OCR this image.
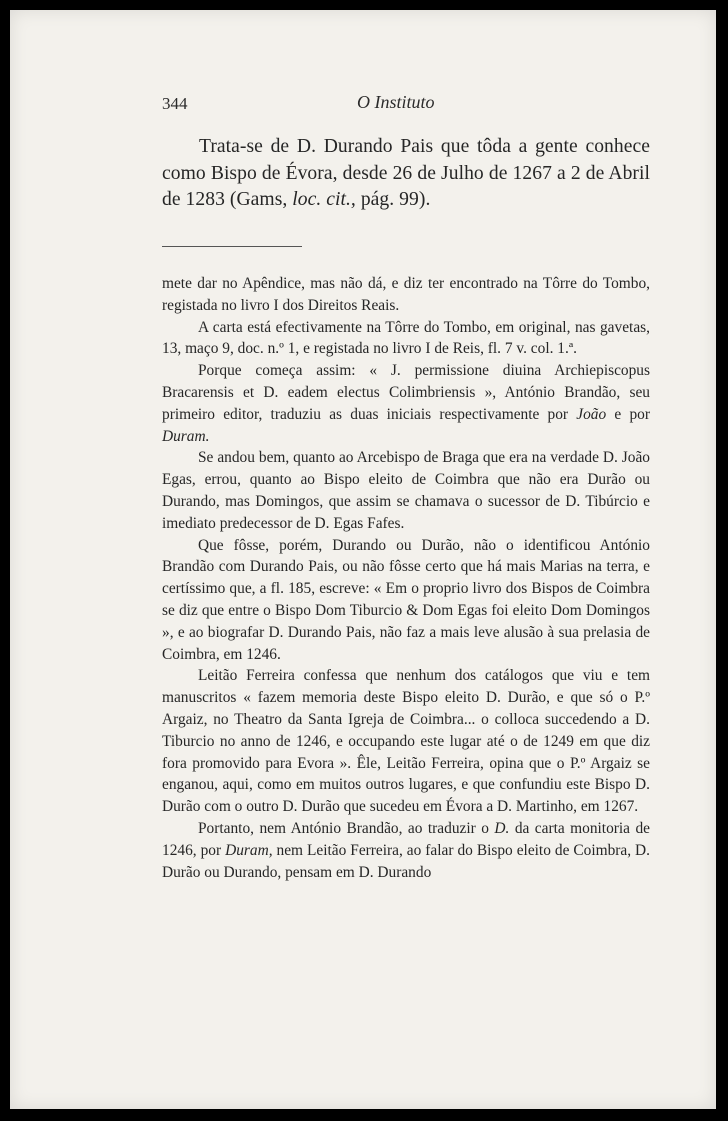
344	O Instituto

Trata-se de D. Durando Pais que tôda a gente conhece como Bispo de Évora, desde 26 de Julho de 1267 a 2 de Abril de 1283 (Gams, loc. cit., pág. 99).

mete dar no Apêndice, mas não dá, e diz ter encontrado na Tôrre do Tombo, registada no livro I dos Direitos Reais.

A carta está efectivamente na Tôrre do Tombo, em original, nas gavetas, 13, maço 9, doc. n.º 1, e registada no livro I de Reis, fl. 7 v. col. 1.ª.

Porque começa assim: « J. permissione diuina Archiepiscopus Bracarensis et D. eadem electus Colimbriensis », António Brandão, seu primeiro editor, traduziu as duas iniciais respectivamente por João e por Duram.

Se andou bem, quanto ao Arcebispo de Braga que era na verdade D. João Egas, errou, quanto ao Bispo eleito de Coimbra que não era Durão ou Durando, mas Domingos, que assim se chamava o sucessor de D. Tibúrcio e imediato predecessor de D. Egas Fafes.

Que fôsse, porém, Durando ou Durão, não o identificou António Brandão com Durando Pais, ou não fôsse certo que há mais Marias na terra, e certíssimo que, a fl. 185, escreve: « Em o proprio livro dos Bispos de Coimbra se diz que entre o Bispo Dom Tiburcio & Dom Egas foi eleito Dom Domingos », e ao biografar D. Durando Pais, não faz a mais leve alusão à sua prelasia de Coimbra, em 1246.

Leitão Ferreira confessa que nenhum dos catálogos que viu e tem manuscritos « fazem memoria deste Bispo eleito D. Durão, e que só o P.º Argaiz, no Theatro da Santa Igreja de Coimbra... o colloca succedendo a D. Tiburcio no anno de 1246, e occupando este lugar até o de 1249 em que diz fora promovido para Evora ». Êle, Leitão Ferreira, opina que o P.º Argaiz se enganou, aqui, como em muitos outros lugares, e que confundiu este Bispo D. Durão com o outro D. Durão que sucedeu em Évora a D. Martinho, em 1267.

Portanto, nem António Brandão, ao traduzir o D. da carta monitoria de 1246, por Duram, nem Leitão Ferreira, ao falar do Bispo eleito de Coimbra, D. Durão ou Durando, pensam em D. Durando
